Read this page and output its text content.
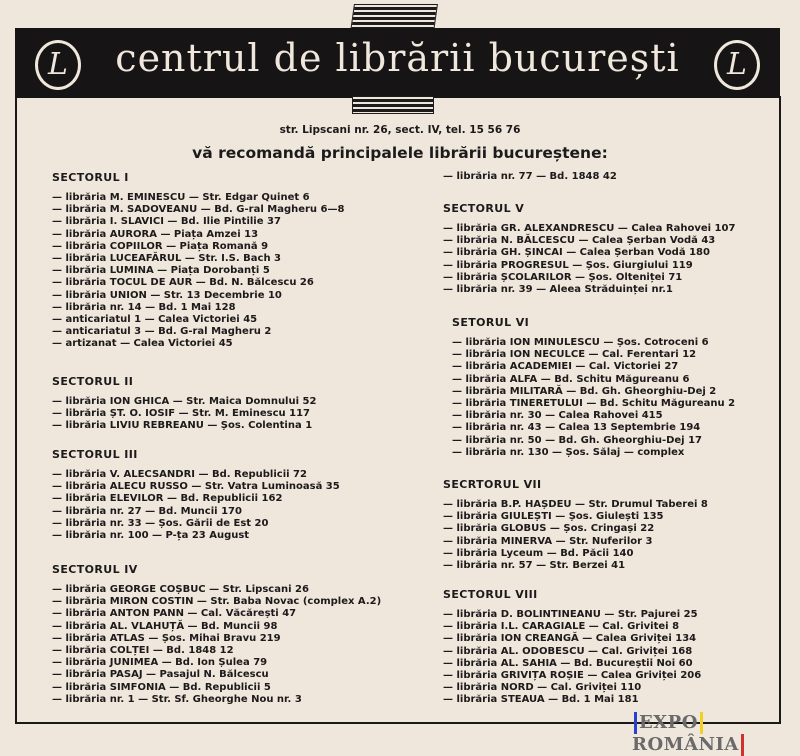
L	centrul de librării bucurești	L
str. Lipscani nr. 26, sect. IV, tel. 15 56 76
vă recomandă principalele librării bucureștene:
SECTORUL I
— librăria M. EMINESCU — Str. Edgar Quinet 6
— librăria M. SADOVEANU — Bd. G-ral Magheru 6—8
— librăria I. SLAVICI — Bd. Ilie Pintilie 37
— librăria AURORA — Piața Amzei 13
— librăria COPIILOR — Piața Romană 9
— librăria LUCEAFĂRUL — Str. I.S. Bach 3
— librăria LUMINA — Piața Dorobanți 5
— librăria TOCUL DE AUR — Bd. N. Bălcescu 26
— librăria UNION — Str. 13 Decembrie 10
— librăria nr. 14 — Bd. 1 Mai 128
— anticariatul 1 — Calea Victoriei 45
— anticariatul 3 — Bd. G-ral Magheru 2
— artizanat — Calea Victoriei 45
SECTORUL II
— librăria ION GHICA — Str. Maica Domnului 52
— librăria ȘT. O. IOSIF — Str. M. Eminescu 117
— librăria LIVIU REBREANU — Șos. Colentina 1
SECTORUL III
— librăria V. ALECSANDRI — Bd. Republicii 72
— librăria ALECU RUSSO — Str. Vatra Luminoasă 35
— librăria ELEVILOR — Bd. Republicii 162
— librăria nr. 27 — Bd. Muncii 170
— librăria nr. 33 — Șos. Gării de Est 20
— librăria nr. 100 — P-ța 23 August
SECTORUL IV
— librăria GEORGE COȘBUC — Str. Lipscani 26
— librăria MIRON COSTIN — Str. Baba Novac (complex A.2)
— librăria ANTON PANN — Cal. Văcărești 47
— librăria AL. VLAHUȚĂ — Bd. Muncii 98
— librăria ATLAS — Șos. Mihai Bravu 219
— librăria COLȚEI — Bd. 1848 12
— librăria JUNIMEA — Bd. Ion Șulea 79
— librăria PASAJ — Pasajul N. Bălcescu
— librăria SIMFONIA — Bd. Republicii 5
— librăria nr. 1 — Str. Sf. Gheorghe Nou nr. 3
— librăria nr. 77 — Bd. 1848 42
SECTORUL V
— librăria GR. ALEXANDRESCU — Calea Rahovei 107
— librăria N. BĂLCESCU — Calea Șerban Vodă 43
— librăria GH. ȘINCAI — Calea Șerban Vodă 180
— librăria PROGRESUL — Șos. Giurgiului 119
— librăria ȘCOLARILOR — Șos. Olteniței 71
— librăria nr. 39 — Aleea Străduinței nr.1
SETORUL VI
— librăria ION MINULESCU — Șos. Cotroceni 6
— librăria ION NECULCE — Cal. Ferentari 12
— librăria ACADEMIEI — Cal. Victoriei 27
— librăria ALFA — Bd. Schitu Măgureanu 6
— librăria MILITARĂ — Bd. Gh. Gheorghiu-Dej 2
— librăria TINERETULUI — Bd. Schitu Măgureanu 2
— librăria nr. 30 — Calea Rahovei 415
— librăria nr. 43 — Calea 13 Septembrie 194
— librăria nr. 50 — Bd. Gh. Gheorghiu-Dej 17
— librăria nr. 130 — Șos. Sălaj — complex
SECRTORUL VII
— librăria B.P. HAȘDEU — Str. Drumul Taberei 8
— librăria GIULEȘTI — Șos. Giulești 135
— librăria GLOBUS — Șos. Cringași 22
— librăria MINERVA — Str. Nuferilor 3
— librăria Lyceum — Bd. Păcii 140
— librăria nr. 57 — Str. Berzei 41
SECTORUL VIII
— librăria D. BOLINTINEANU — Str. Pajurei 25
— librăria I.L. CARAGIALE — Cal. Grivitei 8
— librăria ION CREANGĂ — Calea Griviței 134
— librăria AL. ODOBESCU — Cal. Griviței 168
— librăria AL. SAHIA — Bd. Bucureștii Noi 60
— librăria GRIVIȚA ROȘIE — Calea Griviței 206
— librăria NORD — Cal. Griviței 110
— librăria STEAUA — Bd. 1 Mai 181
EXPOROMÂNIA
